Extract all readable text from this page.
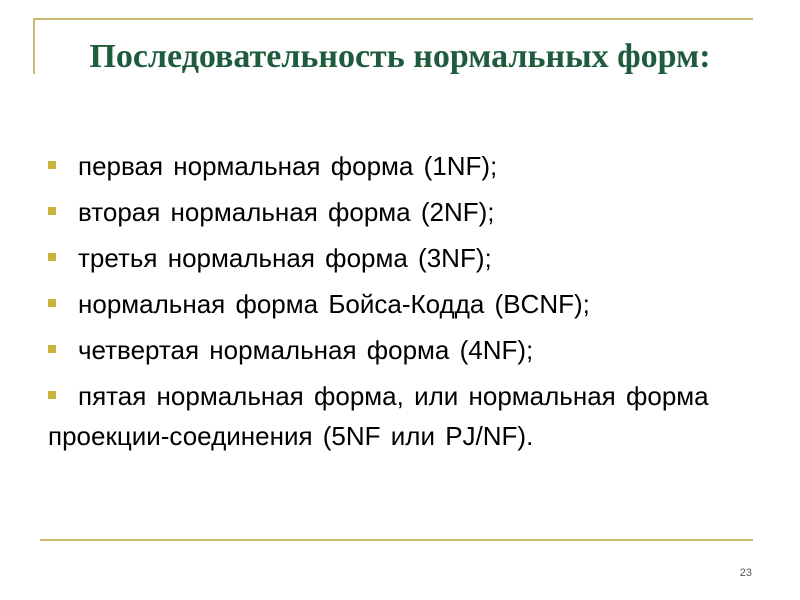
Последовательность нормальных форм:
первая нормальная форма (1NF);
вторая нормальная форма (2NF);
третья нормальная форма (3NF);
нормальная форма Бойса-Кодда (BCNF);
четвертая нормальная форма (4NF);
пятая нормальная форма, или нормальная форма проекции-соединения (5NF или PJ/NF).
23
